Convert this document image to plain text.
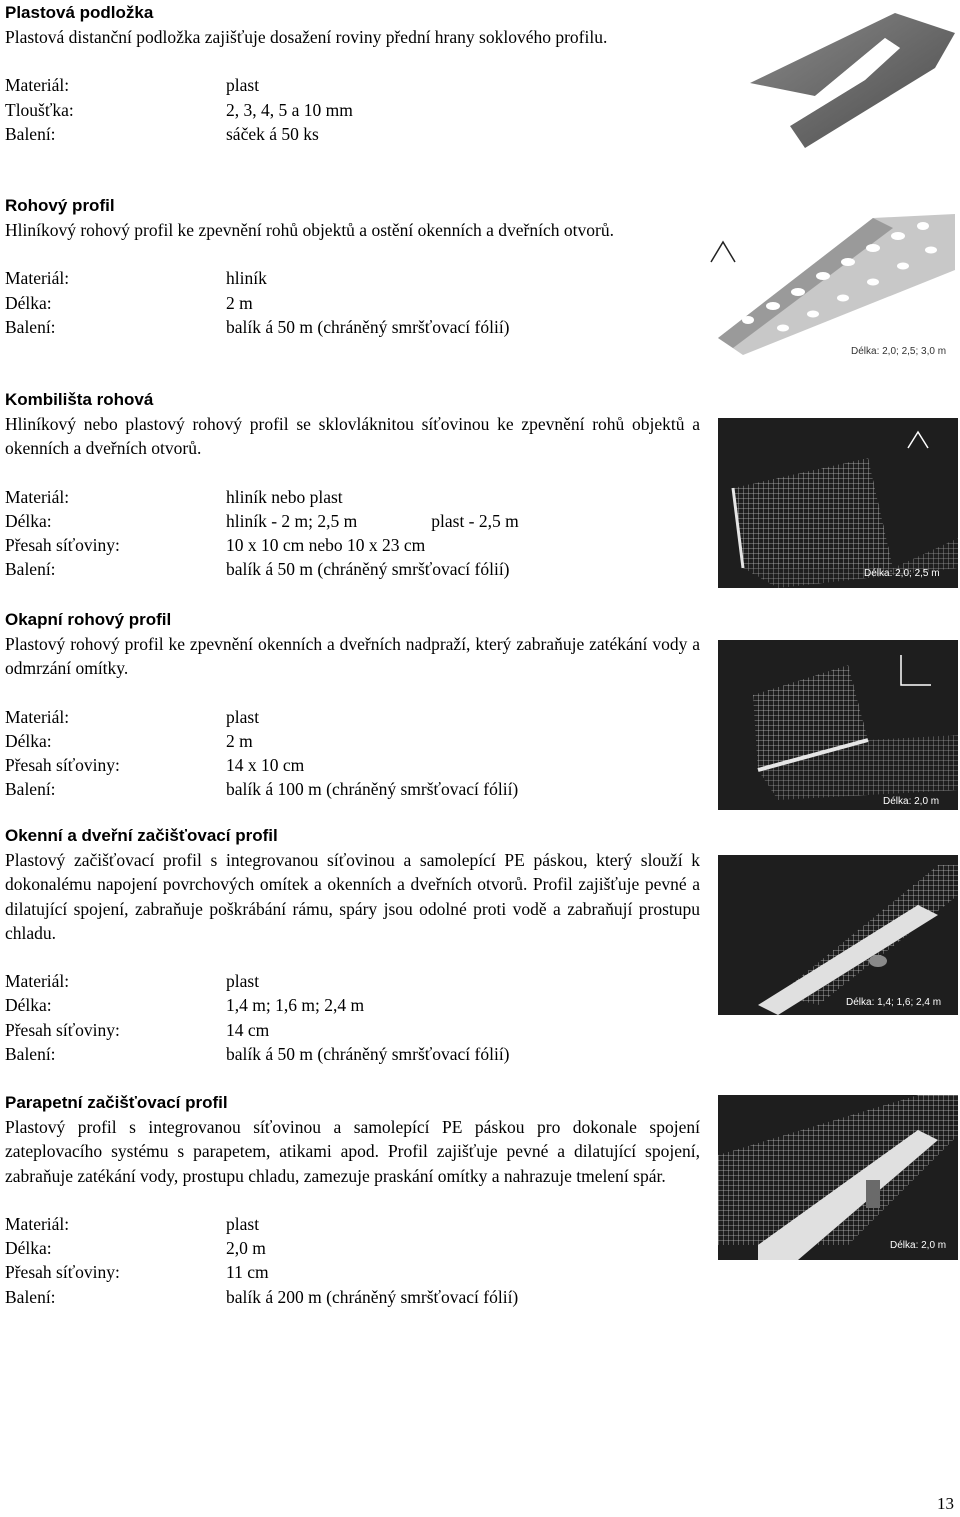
Plastová podložka

Plastová distanční podložka zajišťuje dosažení roviny přední hrany soklového profilu.

Materiál:	plast
Tloušťka:	2, 3, 4, 5 a 10 mm
Balení:	sáček á 50 ks

Rohový profil

Hliníkový rohový profil ke zpevnění rohů objektů a ostění okenních a dveřních otvorů.

Materiál:	hliník
Délka:	2 m
Balení:	balík á 50 m (chráněný smršťovací fólií)
Délka: 2,0; 2,5; 3,0 m

Kombilišta rohová

Hliníkový nebo plastový rohový profil se sklovláknitou síťovinou ke zpevnění rohů objektů a okenních a dveřních otvorů.

Materiál:	hliník nebo plast
Délka:	hliník - 2 m; 2,5 m	plast - 2,5 m
Přesah síťoviny:	10 x 10 cm nebo 10 x 23 cm
Balení:	balík á 50 m (chráněný smršťovací fólií)	Délka: 2,0; 2,5 m

Okapní rohový profil

Plastový rohový profil ke zpevnění okenních a dveřních nadpraží, který zabraňuje zatékání vody a odmrzání omítky.

Materiál:	plast
Délka:	2 m
Přesah síťoviny:	14 x 10 cm
Balení:	balík á 100 m (chráněný smršťovací fólií)
Délka: 2,0 m

Okenní a dveřní začišťovací profil

Plastový začišťovací profil s integrovanou síťovinou a samolepící PE páskou, který slouží k dokonalému napojení povrchových omítek a okenních a dveřních otvorů. Profil zajišťuje pevné a dilatující spojení, zabraňuje poškrábání rámu, spáry jsou odolné proti vodě a zabraňují prostupu chladu.

Materiál:	plast
Délka:	1,4 m; 1,6 m; 2,4 m
Přesah síťoviny:	14 cm
Balení:	balík á 50 m (chráněný smršťovací fólií)
Délka: 1,4; 1,6; 2,4 m

Parapetní začišťovací profil

Plastový profil s integrovanou síťovinou a samolepící PE páskou pro dokonale spojení zateplovacího systému s parapetem, atikami apod. Profil zajišťuje pevné a dilatující spojení, zabraňuje zatékání vody, prostupu chladu, zamezuje praskání omítky a nahrazuje tmelení spár.

Materiál:	plast
Délka:	2,0 m
Přesah síťoviny:	11 cm
Balení:	balík á 200 m (chráněný smršťovací fólií)
Délka: 2,0 m
13
